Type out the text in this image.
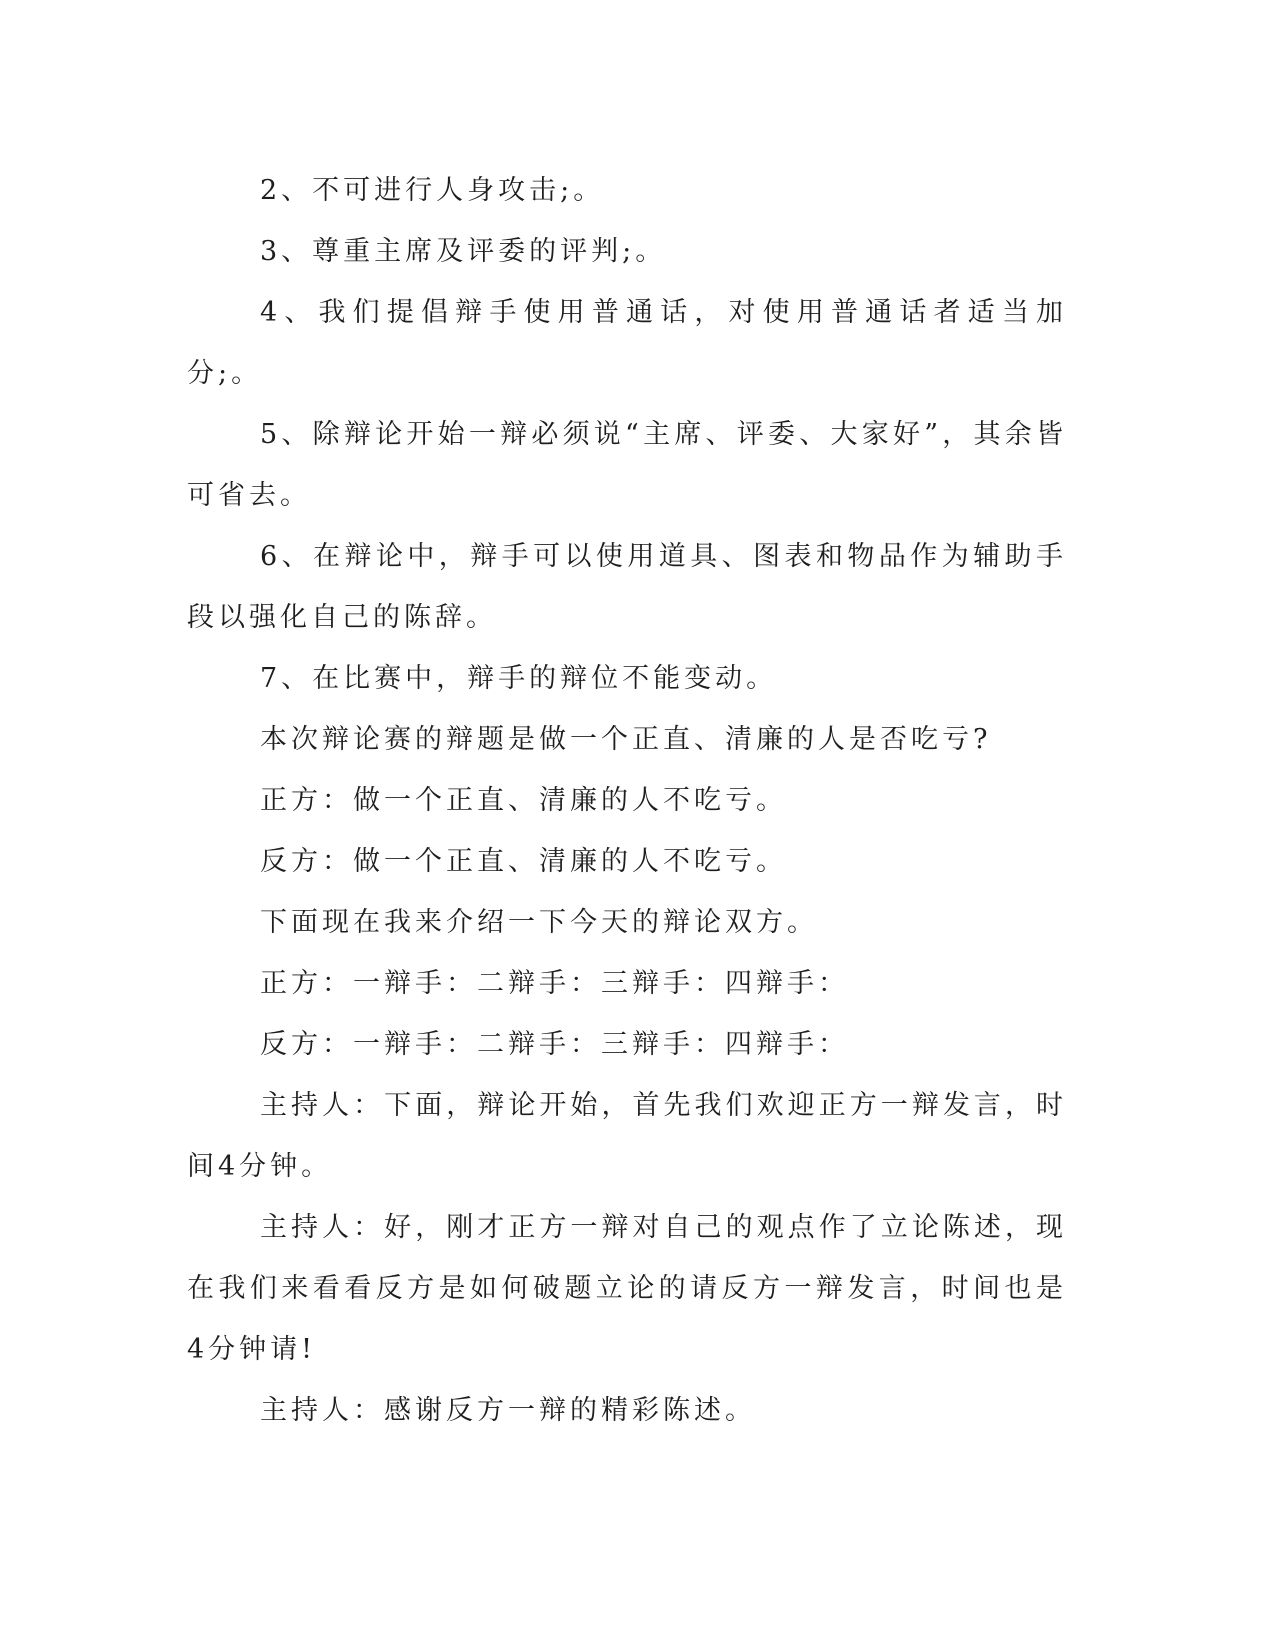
2、不可进行人身攻击;。

3、尊重主席及评委的评判;。

4、我们提倡辩手使用普通话，对使用普通话者适当加分;。

5、除辩论开始一辩必须说“主席、评委、大家好”，其余皆可省去。

6、在辩论中，辩手可以使用道具、图表和物品作为辅助手段以强化自己的陈辞。

7、在比赛中，辩手的辩位不能变动。

本次辩论赛的辩题是做一个正直、清廉的人是否吃亏?

正方：做一个正直、清廉的人不吃亏。

反方：做一个正直、清廉的人不吃亏。

下面现在我来介绍一下今天的辩论双方。

正方：一辩手：二辩手：三辩手：四辩手：

反方：一辩手：二辩手：三辩手：四辩手：

主持人：下面，辩论开始，首先我们欢迎正方一辩发言，时间4分钟。

主持人：好，刚才正方一辩对自己的观点作了立论陈述，现在我们来看看反方是如何破题立论的请反方一辩发言，时间也是4分钟请!

主持人：感谢反方一辩的精彩陈述。
